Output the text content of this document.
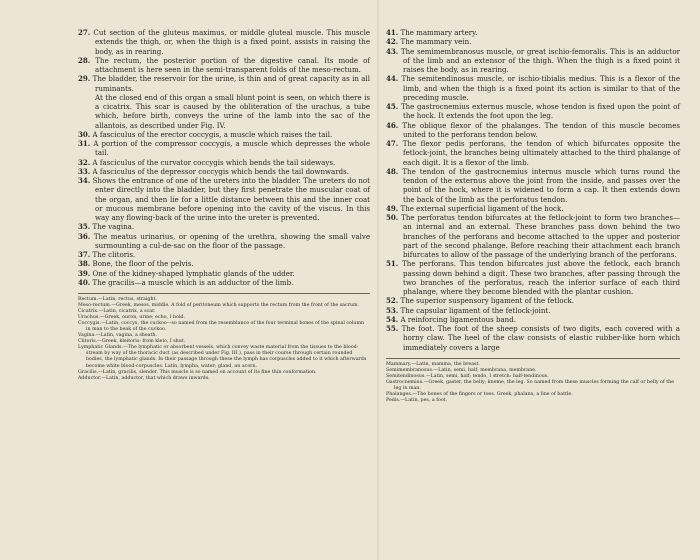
27. Cut section of the gluteus maximus, or middle gluteal muscle. This muscle extends the thigh, or, when the thigh is a fixed point, assists in raising the body, as in rearing.

28. The rectum, the posterior portion of the digestive canal. Its mode of attachment is here seen in the semi-transparent folds of the meso-rectum.

29. The bladder, the reservoir for the urine, is thin and of great capacity as in all ruminants.

At the closed end of this organ a small blunt point is seen, on which there is a cicatrix. This scar is caused by the obliteration of the urachus, a tube which, before birth, conveys the urine of the lamb into the sac of the allantois, as described under Fig. IV.

30. A fasciculus of the erector coccygis, a muscle which raises the tail.

31. A portion of the compressor coccygis, a muscle which depresses the whole tail.

32. A fasciculus of the curvator coccygis which bends the tail sideways.

33. A fasciculus of the depressor coccygis which bends the tail downwards.

34. Shows the entrance of one of the ureters into the bladder. The ureters do not enter directly into the bladder, but they first penetrate the muscular coat of the organ, and then lie for a little distance between this and the inner coat or mucous membrane before opening into the cavity of the viscus. In this way any flowing-back of the urine into the ureter is prevented.

35. The vagina.

36. The meatus urinarius, or opening of the urethra, showing the small valve surmounting a cul-de-sac on the floor of the passage.

37. The clitoris.

38. Bone, the floor of the pelvis.

39. One of the kidney-shaped lymphatic glands of the udder.

40. The gracilis—a muscle which is an adductor of the limb.

Rectum.—Latin, rectus, straight.

Meso-rectum.—Greek, mesos, middle. A fold of peritoneum which supports the rectum from the front of the sacrum.

Cicatrix.—Latin, cicatrix, a scar.

Urachus.—Greek, ouron, urine; echo, I hold.

Coccygis.—Latin, coccyx, the cuckoo—so named from the resemblance of the four terminal bones of the spinal column in man to the beak of the cuckoo.

Vagina.—Latin, vagina, a sheath.

Clitoris.—Greek, kleitoris: from kleio, I shut.

Lymphatic Glands.—The lymphatic or absorbent vessels, which convey waste material from the tissues to the blood-stream by way of the thoracic duct (as described under Fig. III.), pass in their course through certain rounded bodies, the lymphatic glands. In their passage through these the lymph has corpuscles added to it which afterwards become white blood-corpuscles. Latin, lympha, water; gland, an acorn.

Gracilis.—Latin, gracilis, slender. This muscle is so named on account of its fine thin conformation.

Adductor.—Latin, adductor, that which draws inwards.

41. The mammary artery.

42. The mammary vein.

43. The semimembranosus muscle, or great ischio-femoralis. This is an adductor of the limb and an extensor of the thigh. When the thigh is a fixed point it raises the body, as in rearing.

44. The semitendinosus muscle, or ischio-tibialis medius. This is a flexor of the limb, and when the thigh is a fixed point its action is similar to that of the preceding muscle.

45. The gastrocnemius externus muscle, whose tendon is fixed upon the point of the hock. It extends the foot upon the leg.

46. The oblique flexor of the phalanges. The tendon of this muscle becomes united to the perforans tendon below.

47. The flexor pedis perforans, the tendon of which bifurcates opposite the fetlock-joint, the branches being ultimately attached to the third phalange of each digit. It is a flexor of the limb.

48. The tendon of the gastrocnemius internus muscle which turns round the tendon of the externus above the joint from the inside, and passes over the point of the hock, where it is widened to form a cap. It then extends down the back of the limb as the perforatus tendon.

49. The external superficial ligament of the hock.

50. The perforatus tendon bifurcates at the fetlock-joint to form two branches—an internal and an external. These branches pass down behind the two branches of the perforans and become attached to the upper and posterior part of the second phalange. Before reaching their attachment each branch bifurcates to allow of the passage of the underlying branch of the perforans.

51. The perforans. This tendon bifurcates just above the fetlock, each branch passing down behind a digit. These two branches, after passing through the two branches of the perforatus, reach the inferior surface of each third phalange, where they become blended with the plantar cushion.

52. The superior suspensory ligament of the fetlock.

53. The capsular ligament of the fetlock-joint.

54. A reinforcing ligamentous band.

55. The foot. The foot of the sheep consists of two digits, each covered with a horny claw. The heel of the claw consists of elastic rubber-like horn which immediately covers a large

Mammary.—Latin, mamma, the breast.

Semimembranosus.—Latin, semi, half; membrana, membrane.

Semitendinosus.—Latin, semi, half; tendo, I stretch: half-tendinous.

Gastrocnemius.—Greek, gaster, the belly; kneme, the leg. So named from these muscles forming the calf or belly of the leg in man.

Phalanges.—The bones of the fingers or toes. Greek, phalanx, a line of battle.

Pedis.—Latin, pes, a foot.
